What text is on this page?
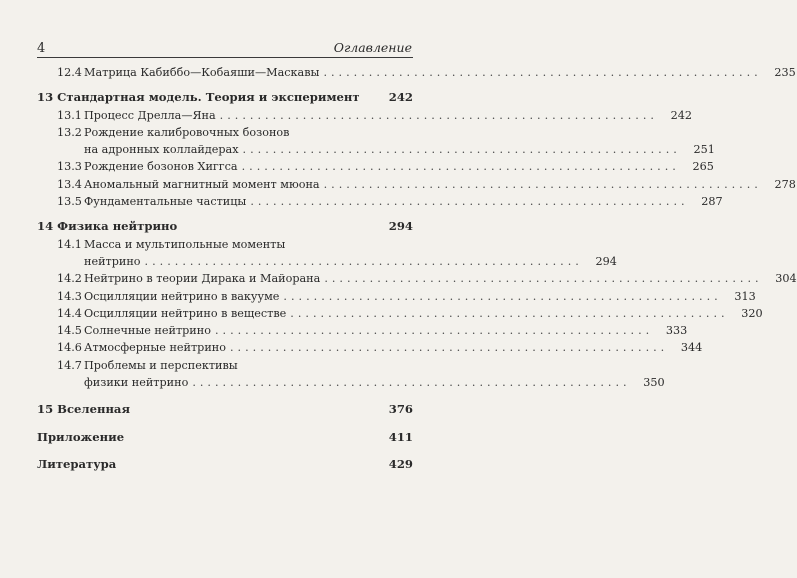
4	Оглавление
12.4 Матрица Кабиббо—Кобаяши—Маскавы ..........................................................	235
13 Стандартная модель. Теория и эксперимент	242
13.1 Процесс Дрелла—Яна ..........................................................	242
13.2 Рождение калибровочных бозонов
на адронных коллайдерах ..........................................................	251
13.3 Рождение бозонов Хиггса ..........................................................	265
13.4 Аномальный магнитный момент мюона ..........................................................	278
13.5 Фундаментальные частицы ..........................................................	287
14 Физика нейтрино	294
14.1 Масса и мультипольные моменты
нейтрино ..........................................................	294
14.2 Нейтрино в теории Дирака и Майорана ..........................................................	304
14.3 Осцилляции нейтрино в вакууме ..........................................................	313
14.4 Осцилляции нейтрино в веществе ..........................................................	320
14.5 Солнечные нейтрино ..........................................................	333
14.6 Атмосферные нейтрино ..........................................................	344
14.7 Проблемы и перспективы
физики нейтрино ..........................................................	350
15 Вселенная	376
Приложение	411
Литература	429
